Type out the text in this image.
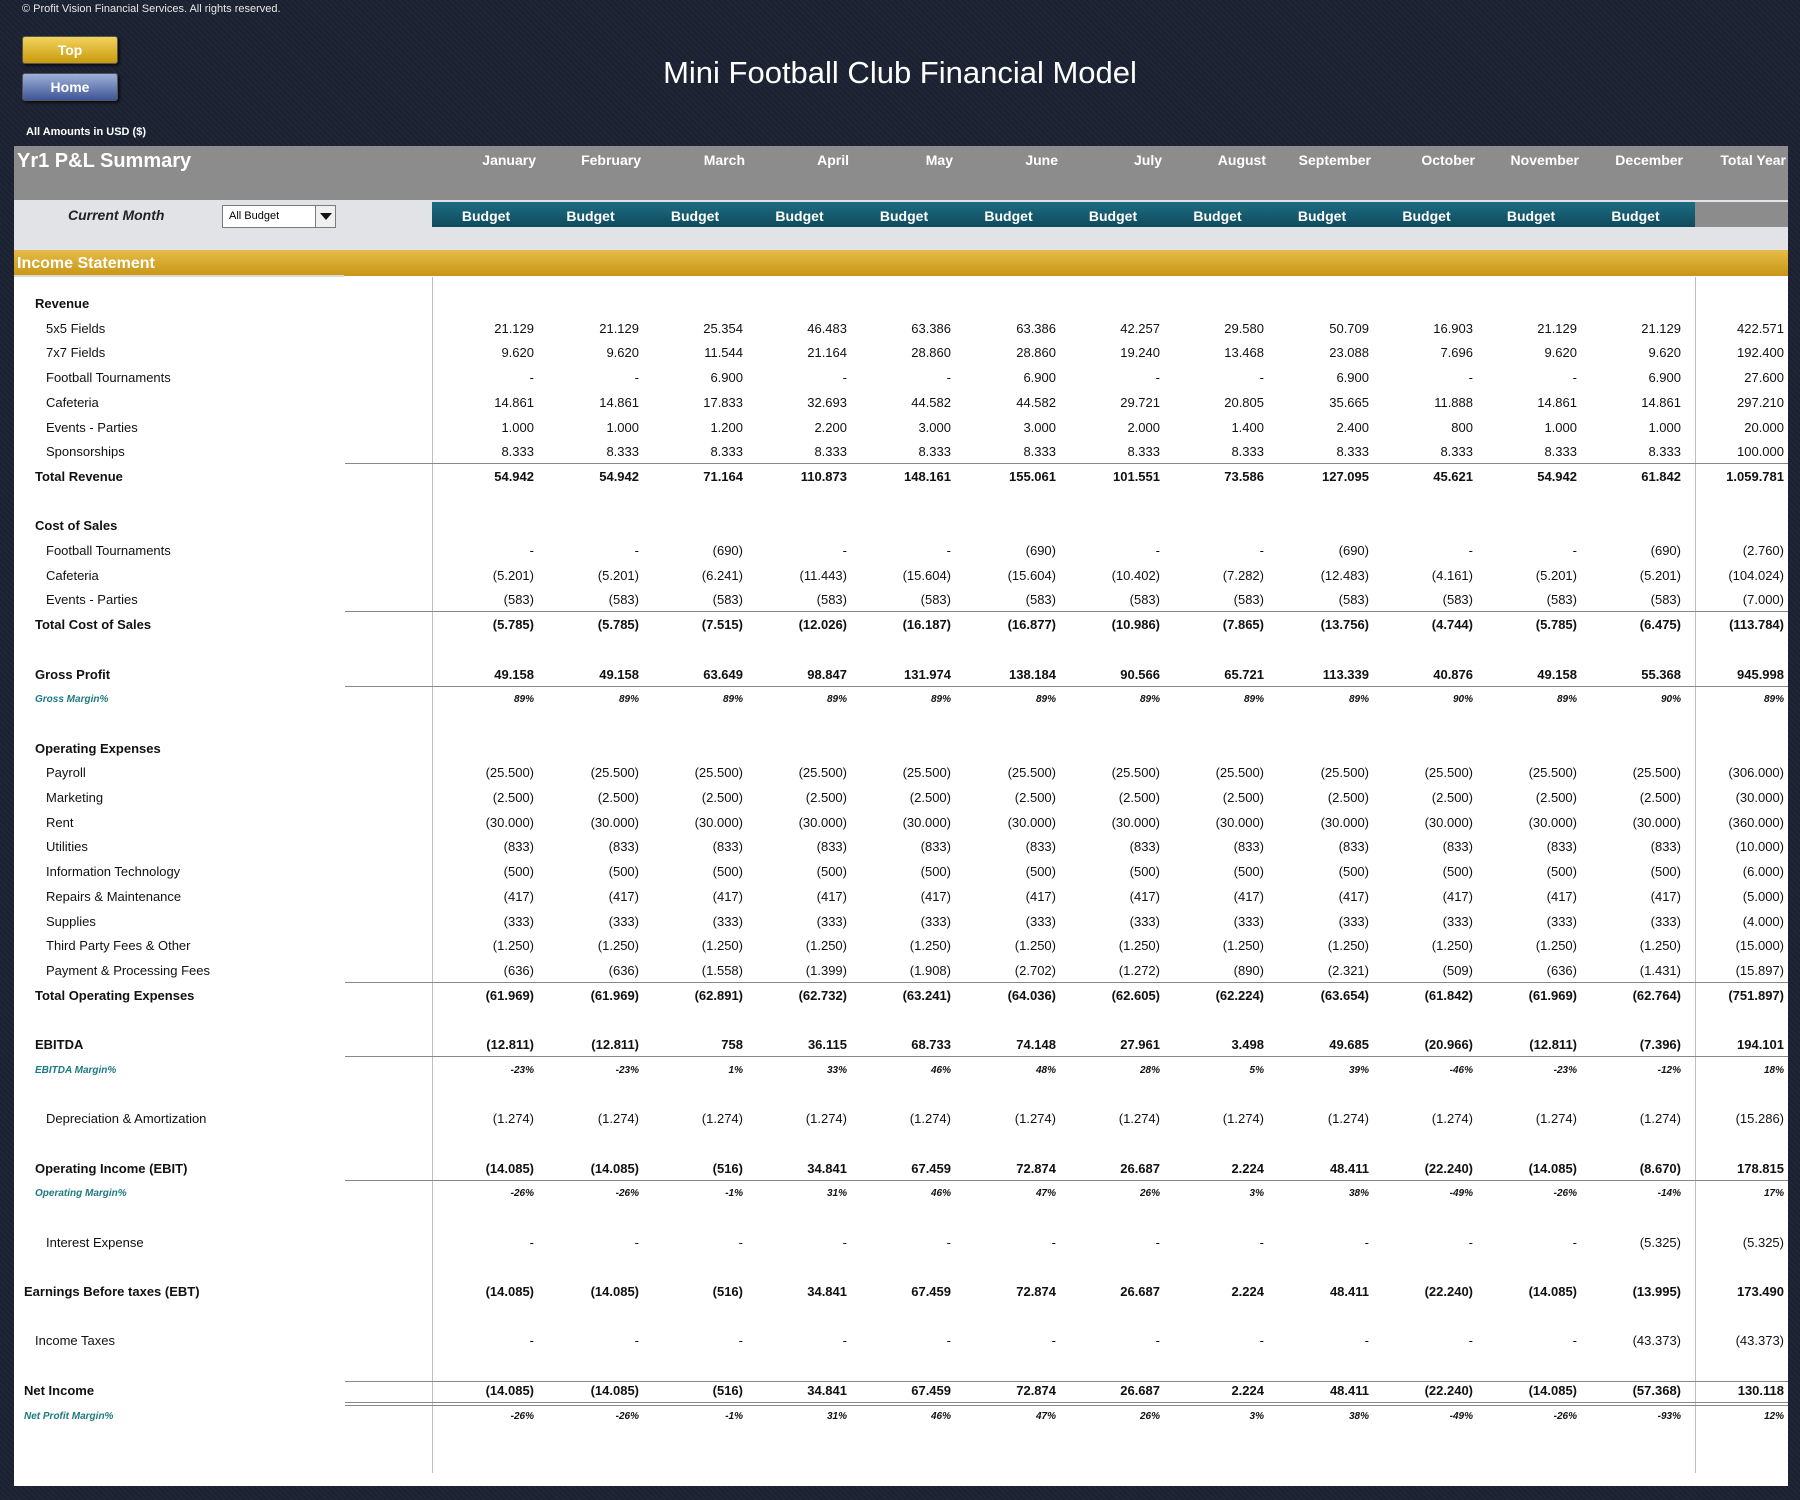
© Profit Vision Financial Services. All rights reserved.
Top
Home	Mini Football Club Financial Model
All Amounts in USD ($)
Yr1 P&L Summary	January	February	March	April	May	June	July	August	September	October	November	December	Total Year
Current Month	All Budget	Budget	Budget	Budget	Budget	Budget	Budget	Budget	Budget	Budget	Budget	Budget	Budget
Income Statement
Revenue
5x5 Fields	21.129	21.129	25.354	46.483	63.386	63.386	42.257	29.580	50.709	16.903	21.129	21.129	422.571
7x7 Fields	9.620	9.620	11.544	21.164	28.860	28.860	19.240	13.468	23.088	7.696	9.620	9.620	192.400
Football Tournaments	-	-	6.900	-	-	6.900	-	-	6.900	-	-	6.900	27.600
Cafeteria	14.861	14.861	17.833	32.693	44.582	44.582	29.721	20.805	35.665	11.888	14.861	14.861	297.210
Events - Parties	1.000	1.000	1.200	2.200	3.000	3.000	2.000	1.400	2.400	800	1.000	1.000	20.000
Sponsorships	8.333	8.333	8.333	8.333	8.333	8.333	8.333	8.333	8.333	8.333	8.333	8.333	100.000
Total Revenue	54.942	54.942	71.164	110.873	148.161	155.061	101.551	73.586	127.095	45.621	54.942	61.842	1.059.781
Cost of Sales
Football Tournaments	-	-	(690)	-	-	(690)	-	-	(690)	-	-	(690)	(2.760)
Cafeteria	(5.201)	(5.201)	(6.241)	(11.443)	(15.604)	(15.604)	(10.402)	(7.282)	(12.483)	(4.161)	(5.201)	(5.201)	(104.024)
Events - Parties	(583)	(583)	(583)	(583)	(583)	(583)	(583)	(583)	(583)	(583)	(583)	(583)	(7.000)
Total Cost of Sales	(5.785)	(5.785)	(7.515)	(12.026)	(16.187)	(16.877)	(10.986)	(7.865)	(13.756)	(4.744)	(5.785)	(6.475)	(113.784)
Gross Profit	49.158	49.158	63.649	98.847	131.974	138.184	90.566	65.721	113.339	40.876	49.158	55.368	945.998
Gross Margin%	89%	89%	89%	89%	89%	89%	89%	89%	89%	90%	89%	90%	89%
Operating Expenses
Payroll	(25.500)	(25.500)	(25.500)	(25.500)	(25.500)	(25.500)	(25.500)	(25.500)	(25.500)	(25.500)	(25.500)	(25.500)	(306.000)
Marketing	(2.500)	(2.500)	(2.500)	(2.500)	(2.500)	(2.500)	(2.500)	(2.500)	(2.500)	(2.500)	(2.500)	(2.500)	(30.000)
Rent	(30.000)	(30.000)	(30.000)	(30.000)	(30.000)	(30.000)	(30.000)	(30.000)	(30.000)	(30.000)	(30.000)	(30.000)	(360.000)
Utilities	(833)	(833)	(833)	(833)	(833)	(833)	(833)	(833)	(833)	(833)	(833)	(833)	(10.000)
Information Technology	(500)	(500)	(500)	(500)	(500)	(500)	(500)	(500)	(500)	(500)	(500)	(500)	(6.000)
Repairs & Maintenance	(417)	(417)	(417)	(417)	(417)	(417)	(417)	(417)	(417)	(417)	(417)	(417)	(5.000)
Supplies	(333)	(333)	(333)	(333)	(333)	(333)	(333)	(333)	(333)	(333)	(333)	(333)	(4.000)
Third Party Fees & Other	(1.250)	(1.250)	(1.250)	(1.250)	(1.250)	(1.250)	(1.250)	(1.250)	(1.250)	(1.250)	(1.250)	(1.250)	(15.000)
Payment & Processing Fees	(636)	(636)	(1.558)	(1.399)	(1.908)	(2.702)	(1.272)	(890)	(2.321)	(509)	(636)	(1.431)	(15.897)
Total Operating Expenses	(61.969)	(61.969)	(62.891)	(62.732)	(63.241)	(64.036)	(62.605)	(62.224)	(63.654)	(61.842)	(61.969)	(62.764)	(751.897)
EBITDA	(12.811)	(12.811)	758	36.115	68.733	74.148	27.961	3.498	49.685	(20.966)	(12.811)	(7.396)	194.101
EBITDA Margin%	-23%	-23%	1%	33%	46%	48%	28%	5%	39%	-46%	-23%	-12%	18%
Depreciation & Amortization	(1.274)	(1.274)	(1.274)	(1.274)	(1.274)	(1.274)	(1.274)	(1.274)	(1.274)	(1.274)	(1.274)	(1.274)	(15.286)
Operating Income (EBIT)	(14.085)	(14.085)	(516)	34.841	67.459	72.874	26.687	2.224	48.411	(22.240)	(14.085)	(8.670)	178.815
Operating Margin%	-26%	-26%	-1%	31%	46%	47%	26%	3%	38%	-49%	-26%	-14%	17%
Interest Expense	-	-	-	-	-	-	-	-	-	-	-	(5.325)	(5.325)
Earnings Before taxes (EBT)	(14.085)	(14.085)	(516)	34.841	67.459	72.874	26.687	2.224	48.411	(22.240)	(14.085)	(13.995)	173.490
Income Taxes	-	-	-	-	-	-	-	-	-	-	-	(43.373)	(43.373)
Net Income	(14.085)	(14.085)	(516)	34.841	67.459	72.874	26.687	2.224	48.411	(22.240)	(14.085)	(57.368)	130.118
Net Profit Margin%	-26%	-26%	-1%	31%	46%	47%	26%	3%	38%	-49%	-26%	-93%	12%
